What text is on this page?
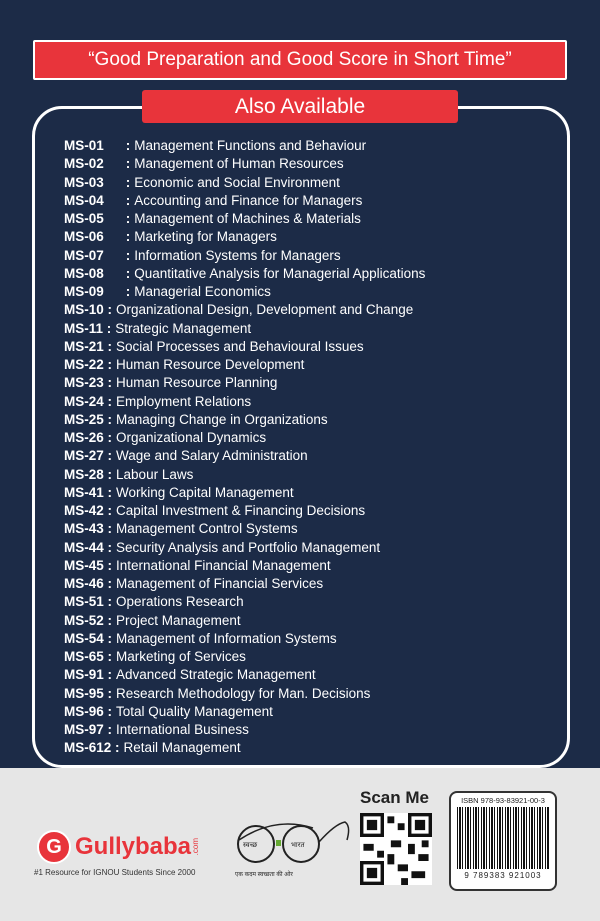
“Good Preparation and Good Score in Short Time”
Also Available
MS-01 : Management Functions and Behaviour
MS-02 : Management of Human Resources
MS-03 : Economic and Social Environment
MS-04 : Accounting and Finance for Managers
MS-05 : Management of Machines & Materials
MS-06 : Marketing for Managers
MS-07 : Information Systems for Managers
MS-08 : Quantitative Analysis for Managerial Applications
MS-09 : Managerial Economics
MS-10 : Organizational Design, Development and Change
MS-11 : Strategic Management
MS-21 : Social Processes and Behavioural Issues
MS-22 : Human Resource Development
MS-23 : Human Resource Planning
MS-24 : Employment Relations
MS-25 : Managing Change in Organizations
MS-26 : Organizational Dynamics
MS-27 : Wage and Salary Administration
MS-28 : Labour Laws
MS-41 : Working Capital Management
MS-42 : Capital Investment & Financing Decisions
MS-43 : Management Control Systems
MS-44 : Security Analysis and Portfolio Management
MS-45 : International Financial Management
MS-46 : Management of Financial Services
MS-51 : Operations Research
MS-52 : Project Management
MS-54 : Management of Information Systems
MS-65 : Marketing of Services
MS-91 : Advanced Strategic Management
MS-95 : Research Methodology for Man. Decisions
MS-96 : Total Quality Management
MS-97 : International Business
MS-612 : Retail Management
G Gullybaba .com
#1 Resource for IGNOU Students Since 2000
स्वच्छ	भारत
एक कदम स्वच्छता की ओर
Scan Me	ISBN 978-93-83921-00-3
9 789383 921003
